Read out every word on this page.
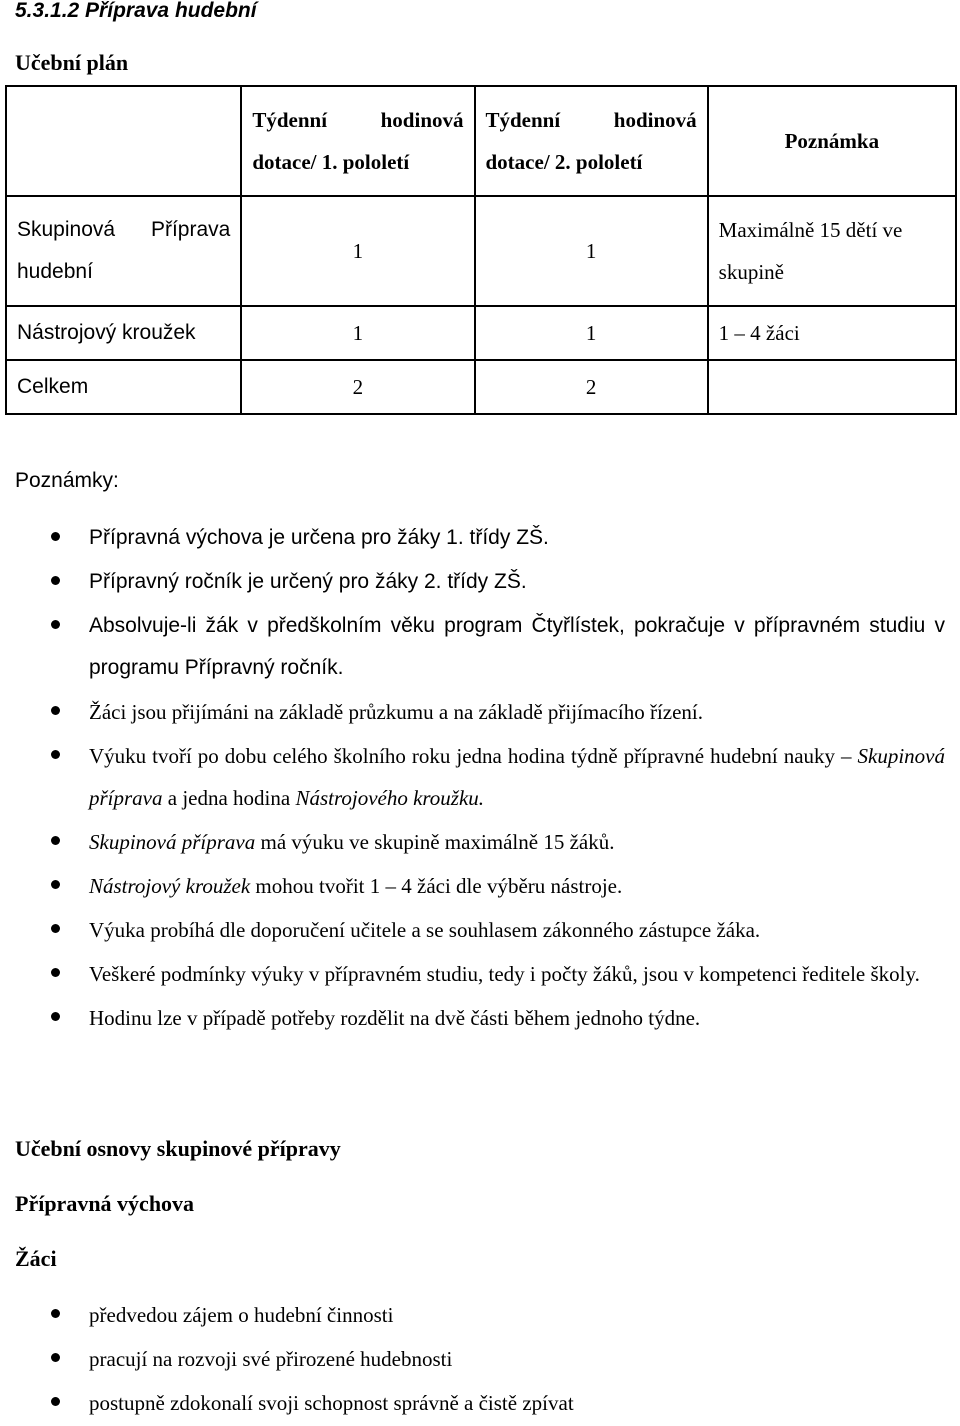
5.3.1.2 Příprava hudební
Učební plán
	Týdenní hodinová dotace/ 1. pololetí	Týdenní hodinová dotace/ 2. pololetí	Poznámka
Skupinová Příprava hudební	1	1	Maximálně 15 dětí ve skupině
Nástrojový kroužek	1	1	1 – 4 žáci
Celkem	2	2	
Poznámky:
Přípravná výchova je určena pro žáky 1. třídy ZŠ.
Přípravný ročník je určený pro žáky 2. třídy ZŠ.
Absolvuje-li žák v předškolním věku program Čtyřlístek, pokračuje v přípravném studiu v programu Přípravný ročník.
Žáci jsou přijímáni na základě průzkumu a na základě přijímacího řízení.
Výuku tvoří po dobu celého školního roku jedna hodina týdně přípravné hudební nauky – Skupinová příprava a jedna hodina Nástrojového kroužku.
Skupinová příprava má výuku ve skupině maximálně 15 žáků.
Nástrojový kroužek mohou tvořit 1 – 4 žáci dle výběru nástroje.
Výuka probíhá dle doporučení učitele a se souhlasem zákonného zástupce žáka.
Veškeré podmínky výuky v přípravném studiu, tedy i počty žáků, jsou v kompetenci ředitele školy.
Hodinu lze v případě potřeby rozdělit na dvě části během jednoho týdne.
Učební osnovy skupinové přípravy
Přípravná výchova
Žáci
předvedou zájem o hudební činnosti
pracují na rozvoji své přirozené hudebnosti
postupně zdokonalí svoji schopnost správně a čistě zpívat
